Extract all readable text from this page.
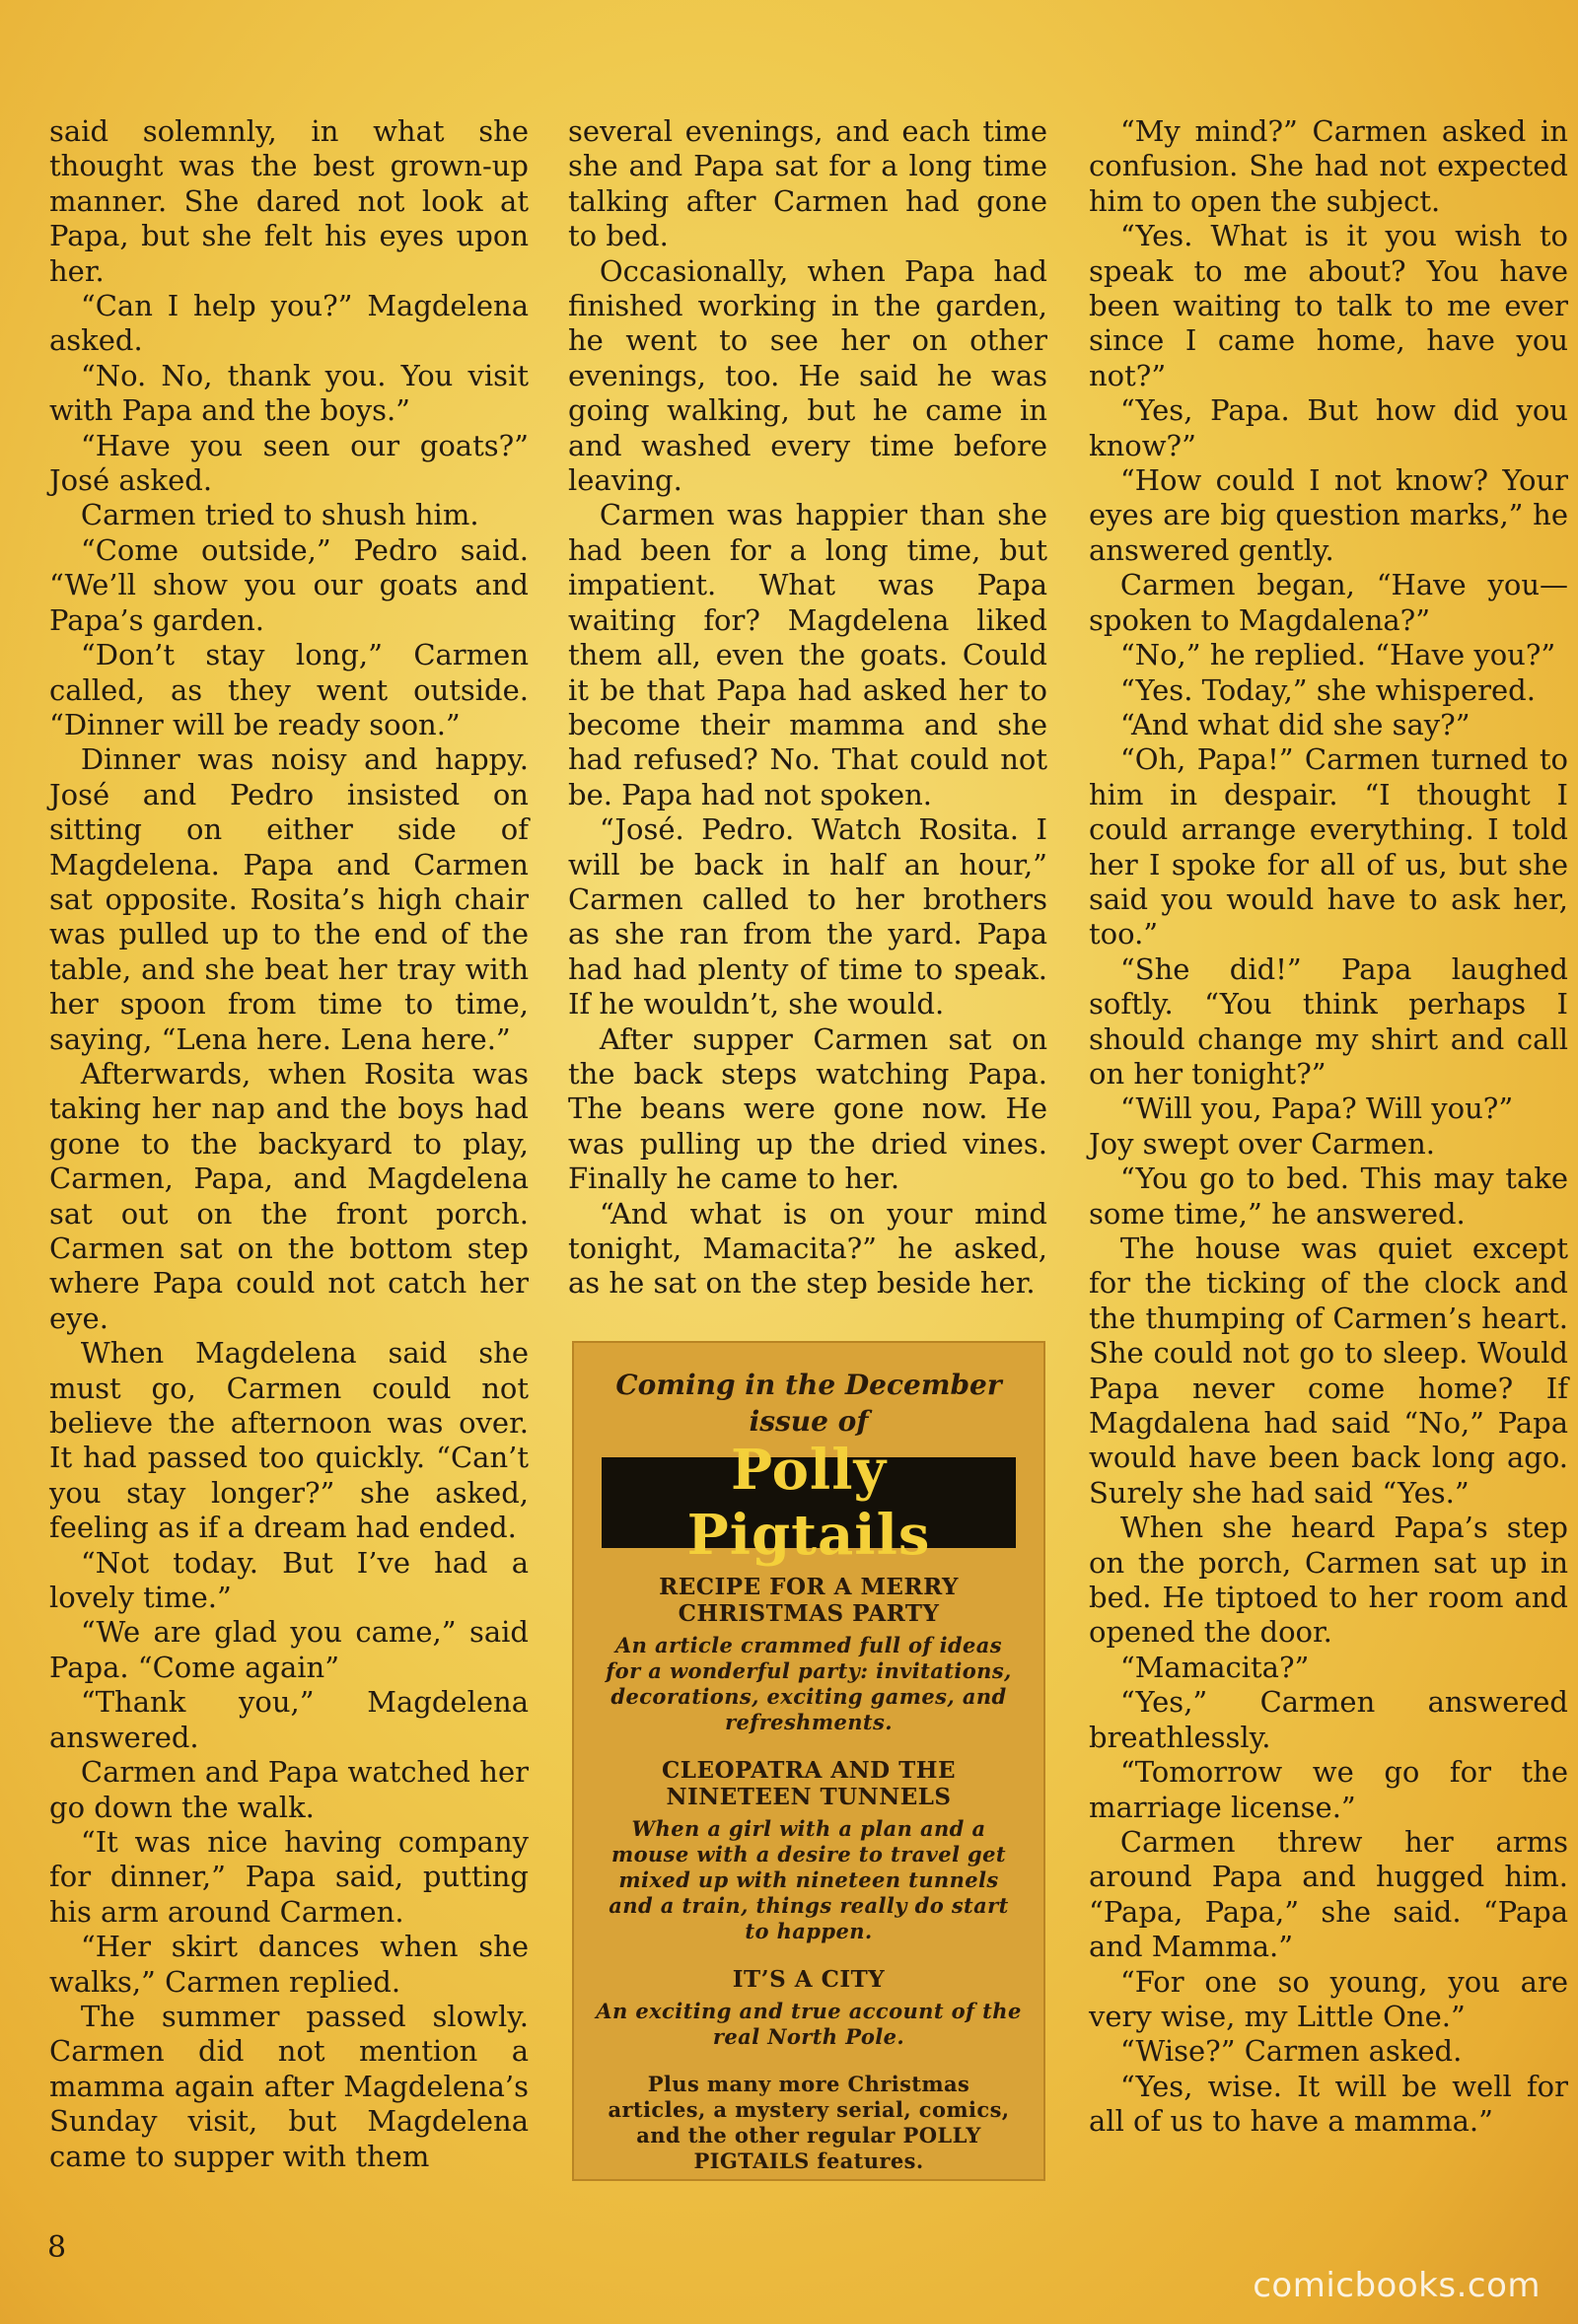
said solemnly, in what she thought was the best grown-up manner. She dared not look at Papa, but she felt his eyes upon her.

“Can I help you?” Magdelena asked.

“No. No, thank you. You visit with Papa and the boys.”

“Have you seen our goats?” José asked.

Carmen tried to shush him.

“Come outside,” Pedro said. “We’ll show you our goats and Papa’s garden.

“Don’t stay long,” Carmen called, as they went outside. “Dinner will be ready soon.”

Dinner was noisy and happy. José and Pedro insisted on sitting on either side of Magdelena. Papa and Carmen sat opposite. Rosita’s high chair was pulled up to the end of the table, and she beat her tray with her spoon from time to time, saying, “Lena here. Lena here.”

Afterwards, when Rosita was taking her nap and the boys had gone to the backyard to play, Carmen, Papa, and Magdelena sat out on the front porch. Carmen sat on the bottom step where Papa could not catch her eye.

When Magdelena said she must go, Carmen could not believe the afternoon was over. It had passed too quickly. “Can’t you stay longer?” she asked, feeling as if a dream had ended.

“Not today. But I’ve had a lovely time.”

“We are glad you came,” said Papa. “Come again”

“Thank you,” Magdelena answered.

Carmen and Papa watched her go down the walk.

“It was nice having company for dinner,” Papa said, putting his arm around Carmen.

“Her skirt dances when she walks,” Carmen replied.

The summer passed slowly. Carmen did not mention a mamma again after Magdelena’s Sunday visit, but Magdelena came to supper with them

several evenings, and each time she and Papa sat for a long time talking after Carmen had gone to bed.

Occasionally, when Papa had finished working in the garden, he went to see her on other evenings, too. He said he was going walking, but he came in and washed every time before leaving.

Carmen was happier than she had been for a long time, but impatient. What was Papa waiting for? Magdelena liked them all, even the goats. Could it be that Papa had asked her to become their mamma and she had refused? No. That could not be. Papa had not spoken.

“José. Pedro. Watch Rosita. I will be back in half an hour,” Carmen called to her brothers as she ran from the yard. Papa had had plenty of time to speak. If he wouldn’t, she would.

After supper Carmen sat on the back steps watching Papa. The beans were gone now. He was pulling up the dried vines. Finally he came to her.

“And what is on your mind tonight, Mamacita?” he asked, as he sat on the step beside her.

“My mind?” Carmen asked in confusion. She had not expected him to open the subject.

“Yes. What is it you wish to speak to me about? You have been waiting to talk to me ever since I came home, have you not?”

“Yes, Papa. But how did you know?”

“How could I not know? Your eyes are big question marks,” he answered gently.

Carmen began, “Have you—spoken to Magdalena?”

“No,” he replied. “Have you?”

“Yes. Today,” she whispered.

“And what did she say?”

“Oh, Papa!” Carmen turned to him in despair. “I thought I could arrange everything. I told her I spoke for all of us, but she said you would have to ask her, too.”

“She did!” Papa laughed softly. “You think perhaps I should change my shirt and call on her tonight?”

“Will you, Papa? Will you?”

Joy swept over Carmen.

“You go to bed. This may take some time,” he answered.

The house was quiet except for the ticking of the clock and the thumping of Carmen’s heart. She could not go to sleep. Would Papa never come home? If Magdalena had said “No,” Papa would have been back long ago. Surely she had said “Yes.”

When she heard Papa’s step on the porch, Carmen sat up in bed. He tiptoed to her room and opened the door.

“Mamacita?”

“Yes,” Carmen answered breathlessly.

“Tomorrow we go for the marriage license.”

Carmen threw her arms around Papa and hugged him. “Papa, Papa,” she said. “Papa and Mamma.”

“For one so young, you are very wise, my Little One.”

“Wise?” Carmen asked.

“Yes, wise. It will be well for all of us to have a mamma.”

Coming in the December issue of
Polly Pigtails
RECIPE FOR A MERRY CHRISTMAS PARTY
An article crammed full of ideas for a wonderful party: invitations, decorations, exciting games, and refreshments.
CLEOPATRA AND THE NINETEEN TUNNELS
When a girl with a plan and a mouse with a desire to travel get mixed up with nineteen tunnels and a train, things really do start to happen.
IT’S A CITY
An exciting and true account of the real North Pole.
Plus many more Christmas articles, a mystery serial, comics, and the other regular POLLY PIGTAILS features.
8
comicbooks.com
